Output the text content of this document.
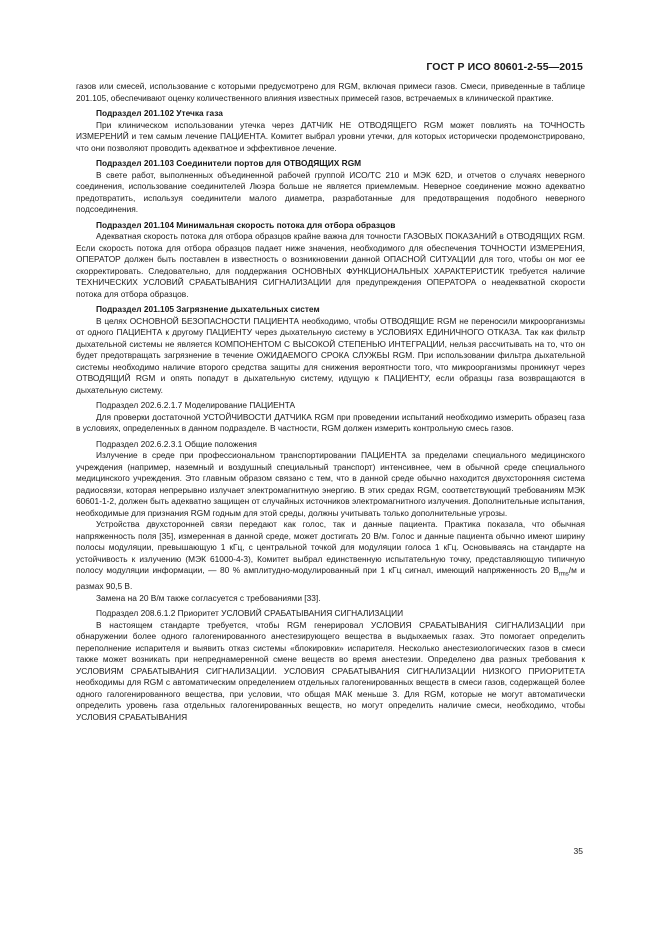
ГОСТ Р ИСО 80601-2-55—2015

газов или смесей, использование с которыми предусмотрено для RGM, включая примеси газов. Смеси, приведенные в таблице 201.105, обеспечивают оценку количественного влияния известных примесей газов, встречаемых в клинической практике.

Подраздел 201.102 Утечка газа

При клиническом использовании утечка через ДАТЧИК НЕ ОТВОДЯЩЕГО RGM может повлиять на ТОЧНОСТЬ ИЗМЕРЕНИЙ и тем самым лечение ПАЦИЕНТА. Комитет выбрал уровни утечки, для которых исторически продемонстрировано, что они позволяют проводить адекватное и эффективное лечение.

Подраздел 201.103 Соединители портов для ОТВОДЯЩИХ RGM

В свете работ, выполненных объединенной рабочей группой ИСО/ТС 210 и МЭК 62D, и отчетов о случаях неверного соединения, использование соединителей Люэра больше не является приемлемым. Неверное соединение можно адекватно предотвратить, используя соединители малого диаметра, разработанные для предотвращения подобного неверного подсоединения.

Подраздел 201.104 Минимальная скорость потока для отбора образцов

Адекватная скорость потока для отбора образцов крайне важна для точности ГАЗОВЫХ ПОКАЗАНИЙ в ОТВОДЯЩИХ RGM. Если скорость потока для отбора образцов падает ниже значения, необходимого для обеспечения ТОЧНОСТИ ИЗМЕРЕНИЯ, ОПЕРАТОР должен быть поставлен в известность о возникновении данной ОПАСНОЙ СИТУАЦИИ для того, чтобы он мог ее скорректировать. Следовательно, для поддержания ОСНОВНЫХ ФУНКЦИОНАЛЬНЫХ ХАРАКТЕРИСТИК требуется наличие ТЕХНИЧЕСКИХ УСЛОВИЙ СРАБАТЫВАНИЯ СИГНАЛИЗАЦИИ для предупреждения ОПЕРАТОРА о неадекватной скорости потока для отбора образцов.

Подраздел 201.105 Загрязнение дыхательных систем

В целях ОСНОВНОЙ БЕЗОПАСНОСТИ ПАЦИЕНТА необходимо, чтобы ОТВОДЯЩИЕ RGM не переносили микроорганизмы от одного ПАЦИЕНТА к другому ПАЦИЕНТУ через дыхательную систему в УСЛОВИЯХ ЕДИНИЧНОГО ОТКАЗА. Так как фильтр дыхательной системы не является КОМПОНЕНТОМ С ВЫСОКОЙ СТЕПЕНЬЮ ИНТЕГРАЦИИ, нельзя рассчитывать на то, что он будет предотвращать загрязнение в течение ОЖИДАЕМОГО СРОКА СЛУЖБЫ RGM. При использовании фильтра дыхательной системы необходимо наличие второго средства защиты для снижения вероятности того, что микроорганизмы проникнут через ОТВОДЯЩИЙ RGM и опять попадут в дыхательную систему, идущую к ПАЦИЕНТУ, если образцы газа возвращаются в дыхательную систему.

Подраздел 202.6.2.1.7 Моделирование ПАЦИЕНТА

Для проверки достаточной УСТОЙЧИВОСТИ ДАТЧИКА RGM при проведении испытаний необходимо измерить образец газа в условиях, определенных в данном подразделе. В частности, RGM должен измерить контрольную смесь газов.

Подраздел 202.6.2.3.1 Общие положения

Излучение в среде при профессиональном транспортировании ПАЦИЕНТА за пределами специального медицинского учреждения (например, наземный и воздушный специальный транспорт) интенсивнее, чем в обычной среде специального медицинского учреждения. Это главным образом связано с тем, что в данной среде обычно находится двухсторонняя система радиосвязи, которая непрерывно излучает электромагнитную энергию. В этих средах RGM, соответствующий требованиям МЭК 60601-1-2, должен быть адекватно защищен от случайных источников электромагнитного излучения. Дополнительные испытания, необходимые для признания RGM годным для этой среды, должны учитывать только дополнительные угрозы.

Устройства двухсторонней связи передают как голос, так и данные пациента. Практика показала, что обычная напряженность поля [35], измеренная в данной среде, может достигать 20 В/м. Голос и данные пациента обычно имеют ширину полосы модуляции, превышающую 1 кГц, с центральной точкой для модуляции голоса 1 кГц. Основываясь на стандарте на устойчивость к излучению (МЭК 61000-4-3), Комитет выбрал единственную испытательную точку, представляющую типичную полосу модуляции информации, — 80 % амплитудно-модулированный при 1 кГц сигнал, имеющий напряженность 20 $В_{rms}/м$ и размах 90,5 В.

Замена на 20 В/м также согласуется с требованиями [33].

Подраздел 208.6.1.2 Приоритет УСЛОВИЙ СРАБАТЫВАНИЯ СИГНАЛИЗАЦИИ

В настоящем стандарте требуется, чтобы RGM генерировал УСЛОВИЯ СРАБАТЫВАНИЯ СИГНАЛИЗАЦИИ при обнаружении более одного галогенированного анестезирующего вещества в выдыхаемых газах. Это помогает определить переполнение испарителя и выявить отказ системы «блокировки» испарителя. Несколько анестезиологических газов в смеси также может возникать при непреднамеренной смене веществ во время анестезии. Определено два разных требования к УСЛОВИЯМ СРАБАТЫВАНИЯ СИГНАЛИЗАЦИИ. УСЛОВИЯ СРАБАТЫВАНИЯ СИГНАЛИЗАЦИИ НИЗКОГО ПРИОРИТЕТА необходимы для RGM с автоматическим определением отдельных галогенированных веществ в смеси газов, содержащей более одного галогенированного вещества, при условии, что общая МАК меньше 3. Для RGM, которые не могут автоматически определить уровень газа отдельных галогенированных веществ, но могут определить наличие смеси, необходимо, чтобы УСЛОВИЯ СРАБАТЫВАНИЯ

35
